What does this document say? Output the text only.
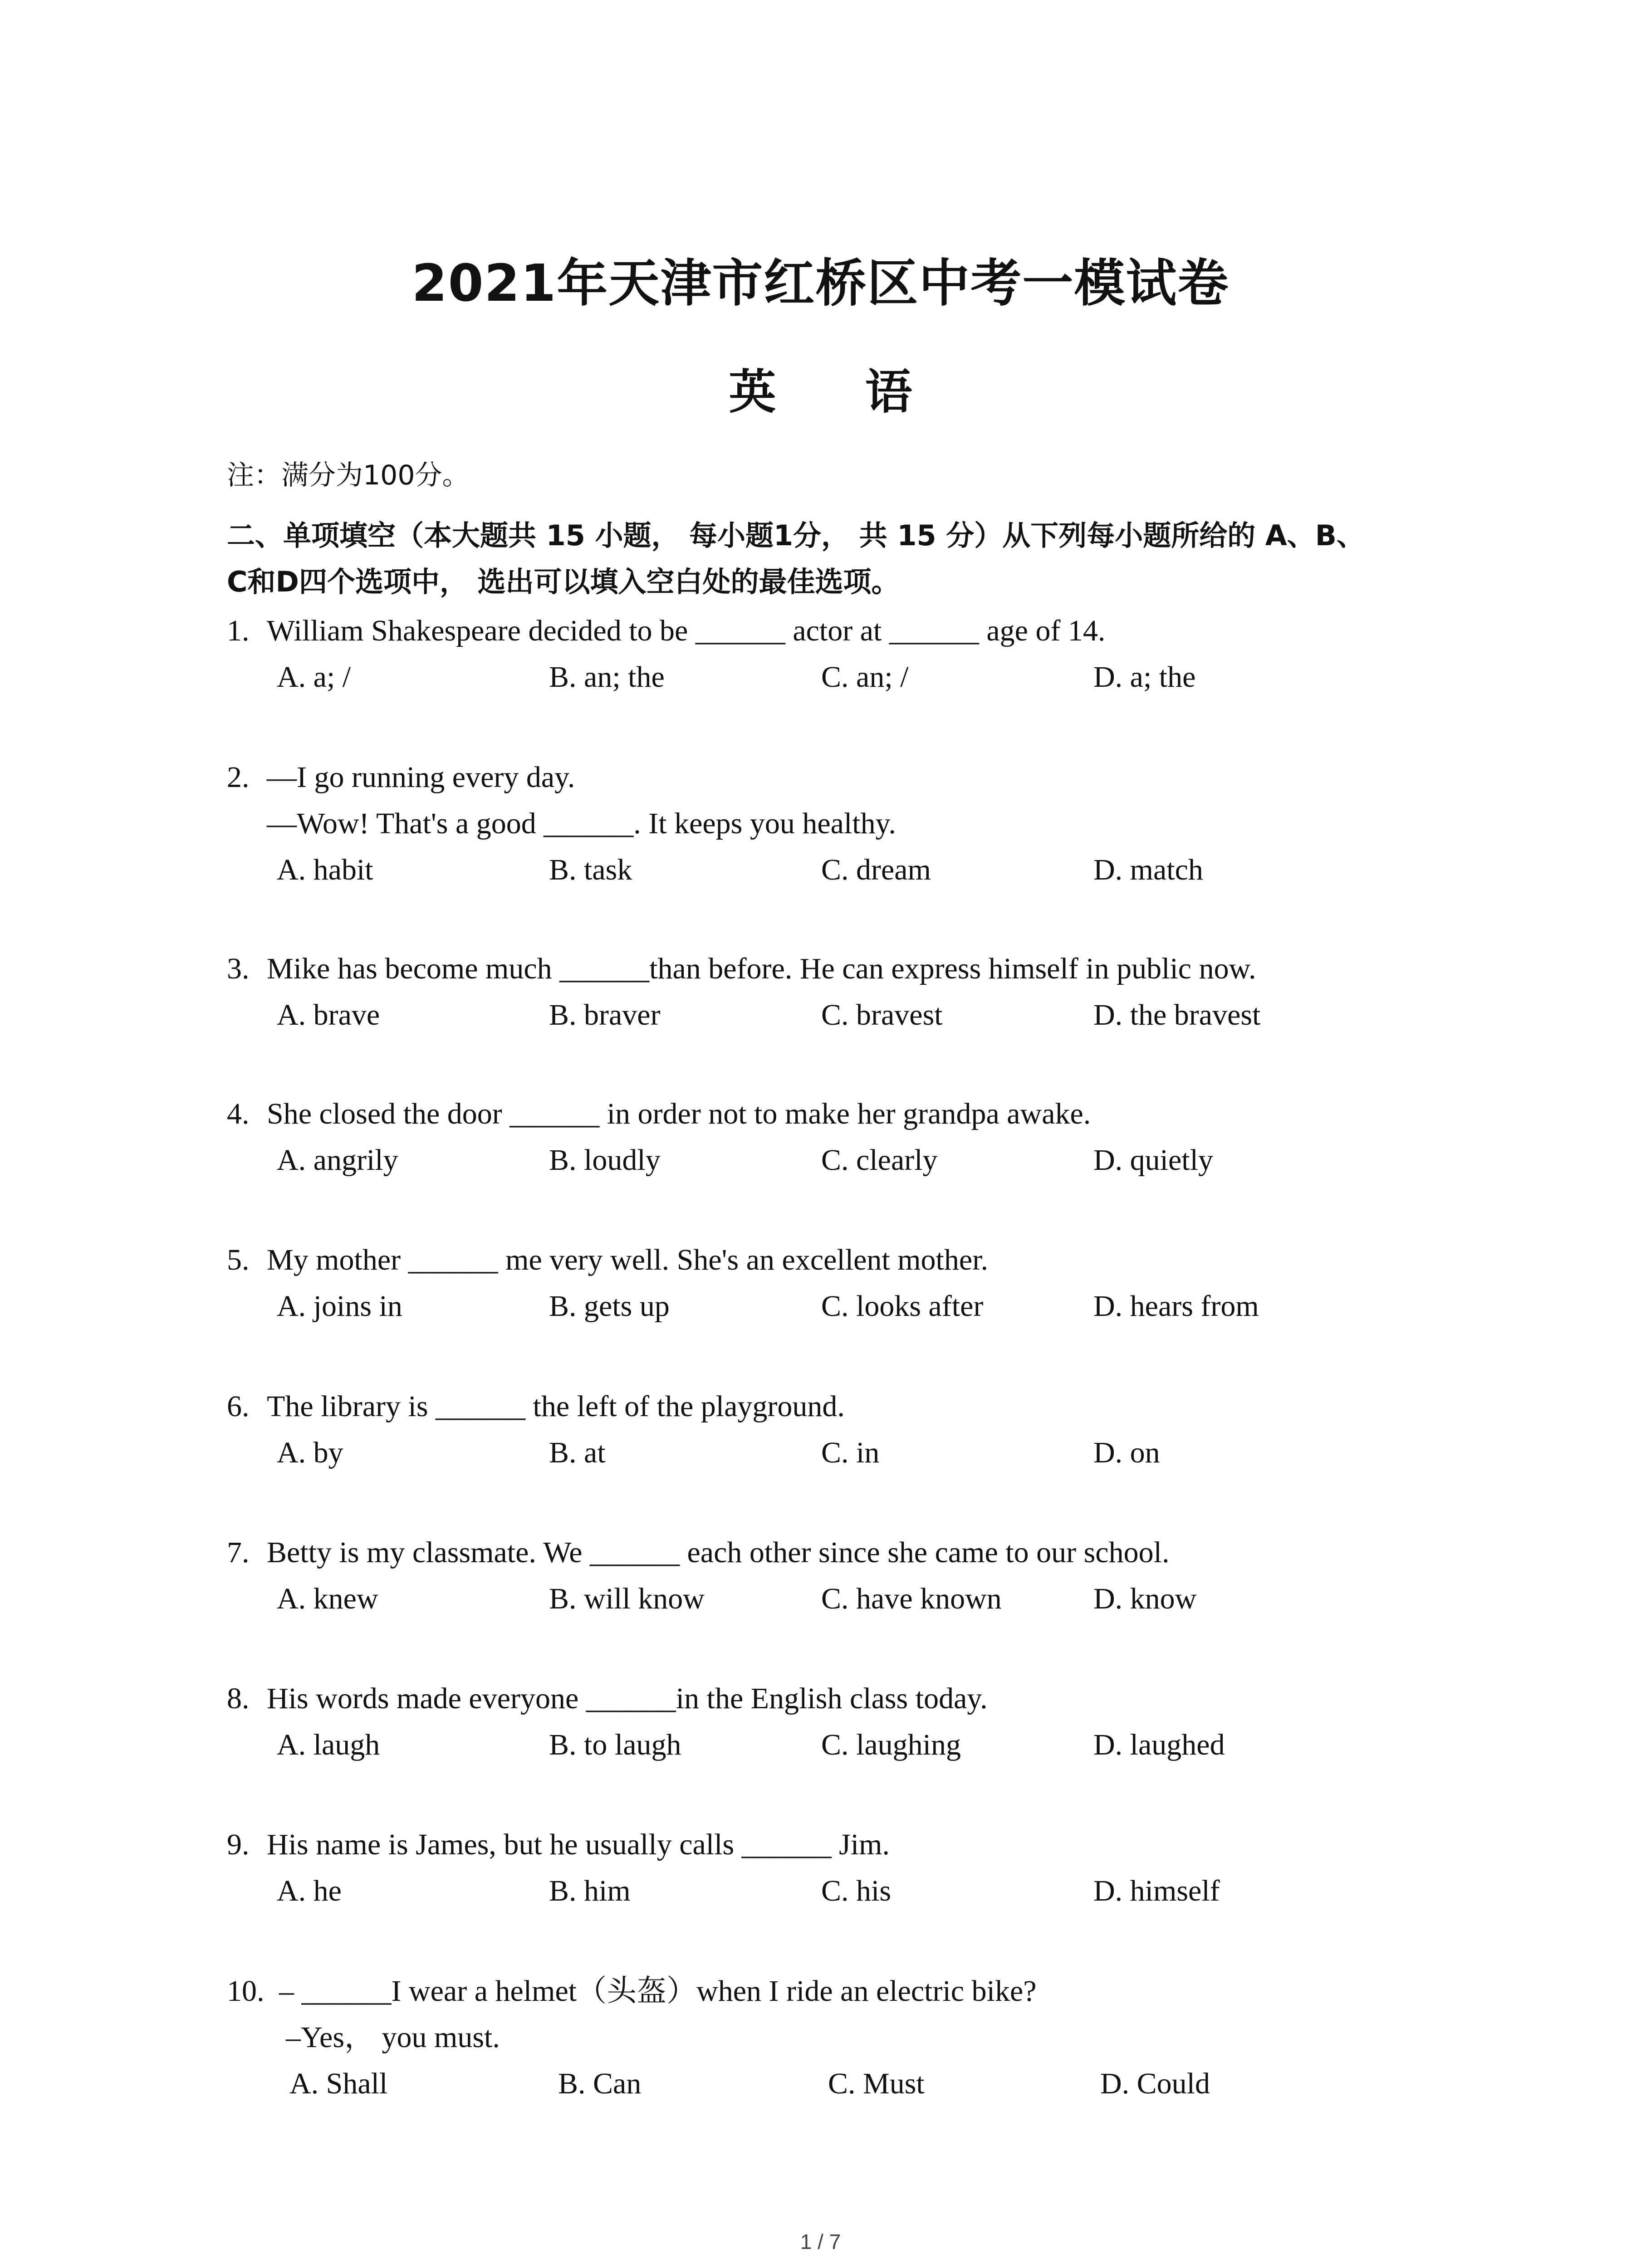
2021年天津市红桥区中考一模试卷
英 语
注：满分为100分。
二、单项填空（本大题共 15 小题， 每小题1分， 共 15 分）从下列每小题所给的 A、B、
C和D四个选项中， 选出可以填入空白处的最佳选项。
1. William Shakespeare decided to be ______ actor at ______ age of 14.
A. a; /	B. an; the	C. an; /	D. a; the
2. —I go running every day.
—Wow! That's a good ______. It keeps you healthy.
A. habit	B. task	C. dream	D. match
3. Mike has become much ______than before. He can express himself in public now.
A. brave	B. braver	C. bravest	D. the bravest
4. She closed the door ______ in order not to make her grandpa awake.
A. angrily	B. loudly	C. clearly	D. quietly
5. My mother ______ me very well. She's an excellent mother.
A. joins in	B. gets up	C. looks after	D. hears from
6. The library is ______ the left of the playground.
A. by	B. at	C. in	D. on
7. Betty is my classmate. We ______ each other since she came to our school.
A. knew	B. will know	C. have known	D. know
8. His words made everyone ______in the English class today.
A. laugh	B. to laugh	C. laughing	D. laughed
9. His name is James, but he usually calls ______ Jim.
A. he	B. him	C. his	D. himself
10. – ______I wear a helmet（头盔）when I ride an electric bike?
–Yes， you must.
A. Shall	B. Can	C. Must	D. Could
1 / 7
